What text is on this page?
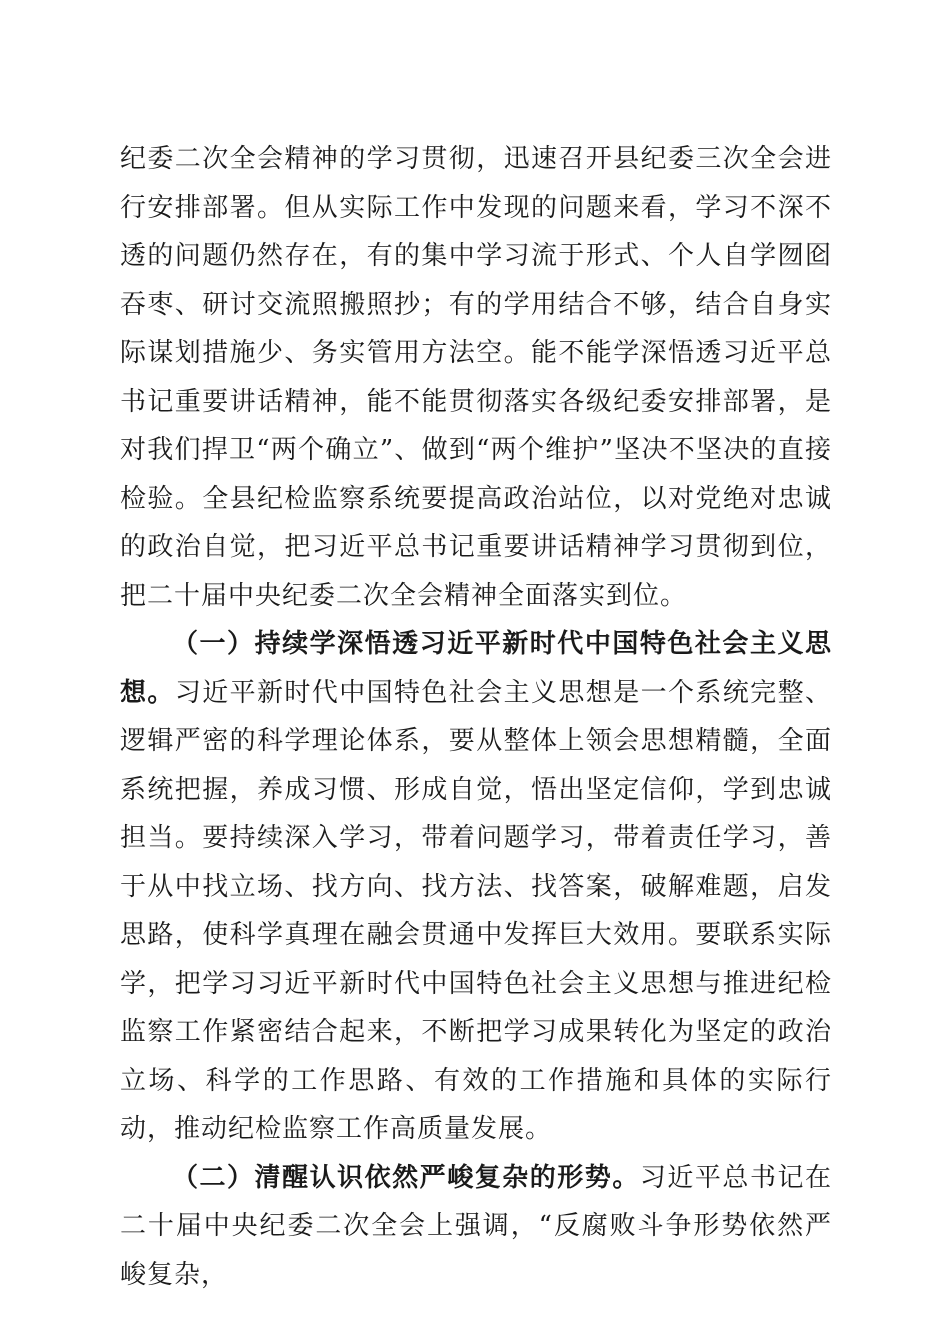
纪委二次全会精神的学习贯彻，迅速召开县纪委三次全会进行安排部署。但从实际工作中发现的问题来看，学习不深不透的问题仍然存在，有的集中学习流于形式、个人自学囫囵吞枣、研讨交流照搬照抄；有的学用结合不够，结合自身实际谋划措施少、务实管用方法空。能不能学深悟透习近平总书记重要讲话精神，能不能贯彻落实各级纪委安排部署，是对我们捍卫“两个确立”、做到“两个维护”坚决不坚决的直接检验。全县纪检监察系统要提高政治站位，以对党绝对忠诚的政治自觉，把习近平总书记重要讲话精神学习贯彻到位，把二十届中央纪委二次全会精神全面落实到位。

（一）持续学深悟透习近平新时代中国特色社会主义思想。习近平新时代中国特色社会主义思想是一个系统完整、逻辑严密的科学理论体系，要从整体上领会思想精髓，全面系统把握，养成习惯、形成自觉，悟出坚定信仰，学到忠诚担当。要持续深入学习，带着问题学习，带着责任学习，善于从中找立场、找方向、找方法、找答案，破解难题，启发思路，使科学真理在融会贯通中发挥巨大效用。要联系实际学，把学习习近平新时代中国特色社会主义思想与推进纪检监察工作紧密结合起来，不断把学习成果转化为坚定的政治立场、科学的工作思路、有效的工作措施和具体的实际行动，推动纪检监察工作高质量发展。

（二）清醒认识依然严峻复杂的形势。习近平总书记在二十届中央纪委二次全会上强调，“反腐败斗争形势依然严峻复杂，
